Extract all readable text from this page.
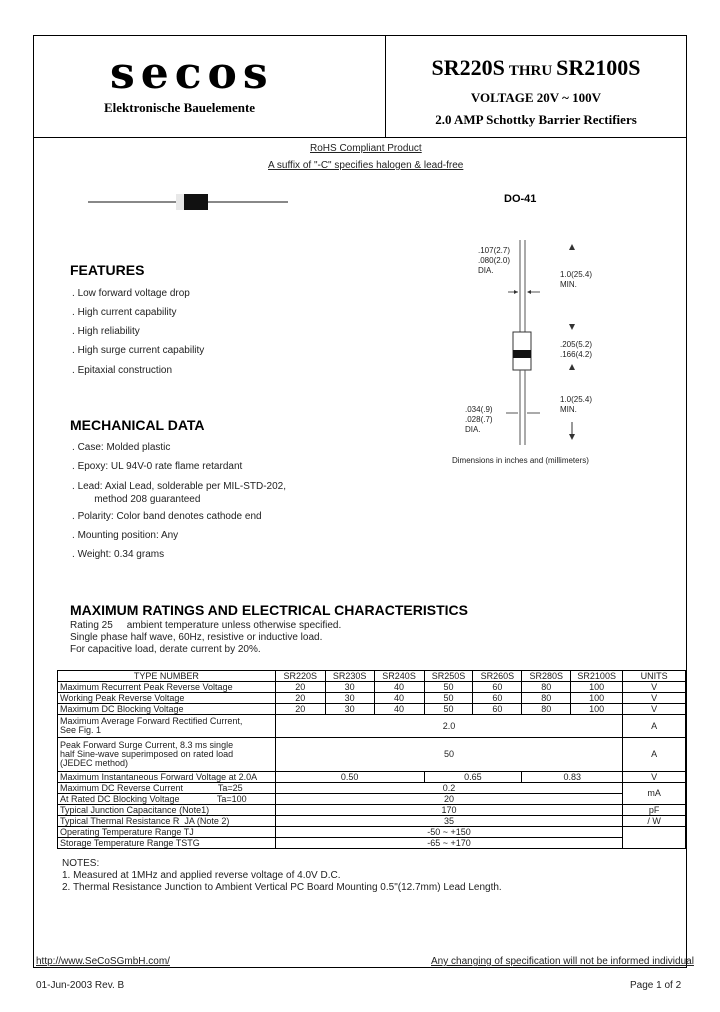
secos
Elektronische Bauelemente
SR220S THRU SR2100S
VOLTAGE 20V ~ 100V
2.0 AMP Schottky Barrier Rectifiers
RoHS Compliant Product
A suffix of "-C" specifies halogen & lead-free
DO-41
.107(2.7)
.080(2.0)
DIA.	1.0(25.4)
MIN.
.205(5.2)
.166(4.2)
.034(.9)
.028(.7)
DIA.
1.0(25.4)
MIN.
Dimensions in inches and (millimeters)
FEATURES
. Low forward voltage drop
. High current capability
. High reliability
. High surge current capability
. Epitaxial construction
MECHANICAL DATA
. Case: Molded plastic
. Epoxy: UL 94V-0 rate flame retardant
. Lead: Axial Lead, solderable per MIL-STD-202,
method 208 guaranteed
. Polarity: Color band denotes cathode end
. Mounting position: Any
. Weight: 0.34 grams
MAXIMUM RATINGS AND ELECTRICAL CHARACTERISTICS
Rating 25     ambient temperature unless otherwise specified.
Single phase half wave, 60Hz, resistive or inductive load.
For capacitive load, derate current by 20%.
TYPE NUMBER	SR220S	SR230S	SR240S	SR250S	SR260S	SR280S	SR2100S	UNITS
Maximum Recurrent Peak Reverse Voltage	20	30	40	50	60	80	100	V
Working Peak Reverse Voltage	20	30	40	50	60	80	100	V
Maximum DC Blocking Voltage	20	30	40	50	60	80	100	V
Maximum Average Forward Rectified Current,
See Fig. 1	2.0							A
Peak Forward Surge Current, 8.3 ms single
half Sine-wave superimposed on rated load
(JEDEC method)	50							A
Maximum Instantaneous Forward Voltage at 2.0A	0.50			0.65		0.83		V
Maximum DC Reverse Current              Ta=25	0.2							mA
At Rated DC Blocking Voltage               Ta=100	20							
Typical Junction Capacitance (Note1)	170							pF
Typical Thermal Resistance R  JA (Note 2)	35							/ W
Operating Temperature Range TJ	-50 ~ +150							
Storage Temperature Range TSTG	-65 ~ +170							
NOTES:
1. Measured at 1MHz and applied reverse voltage of 4.0V D.C.
2. Thermal Resistance Junction to Ambient Vertical PC Board Mounting 0.5"(12.7mm) Lead Length.
http://www.SeCoSGmbH.com/	Any changing of specification will not be informed individual
01-Jun-2003 Rev. B	Page 1 of 2
